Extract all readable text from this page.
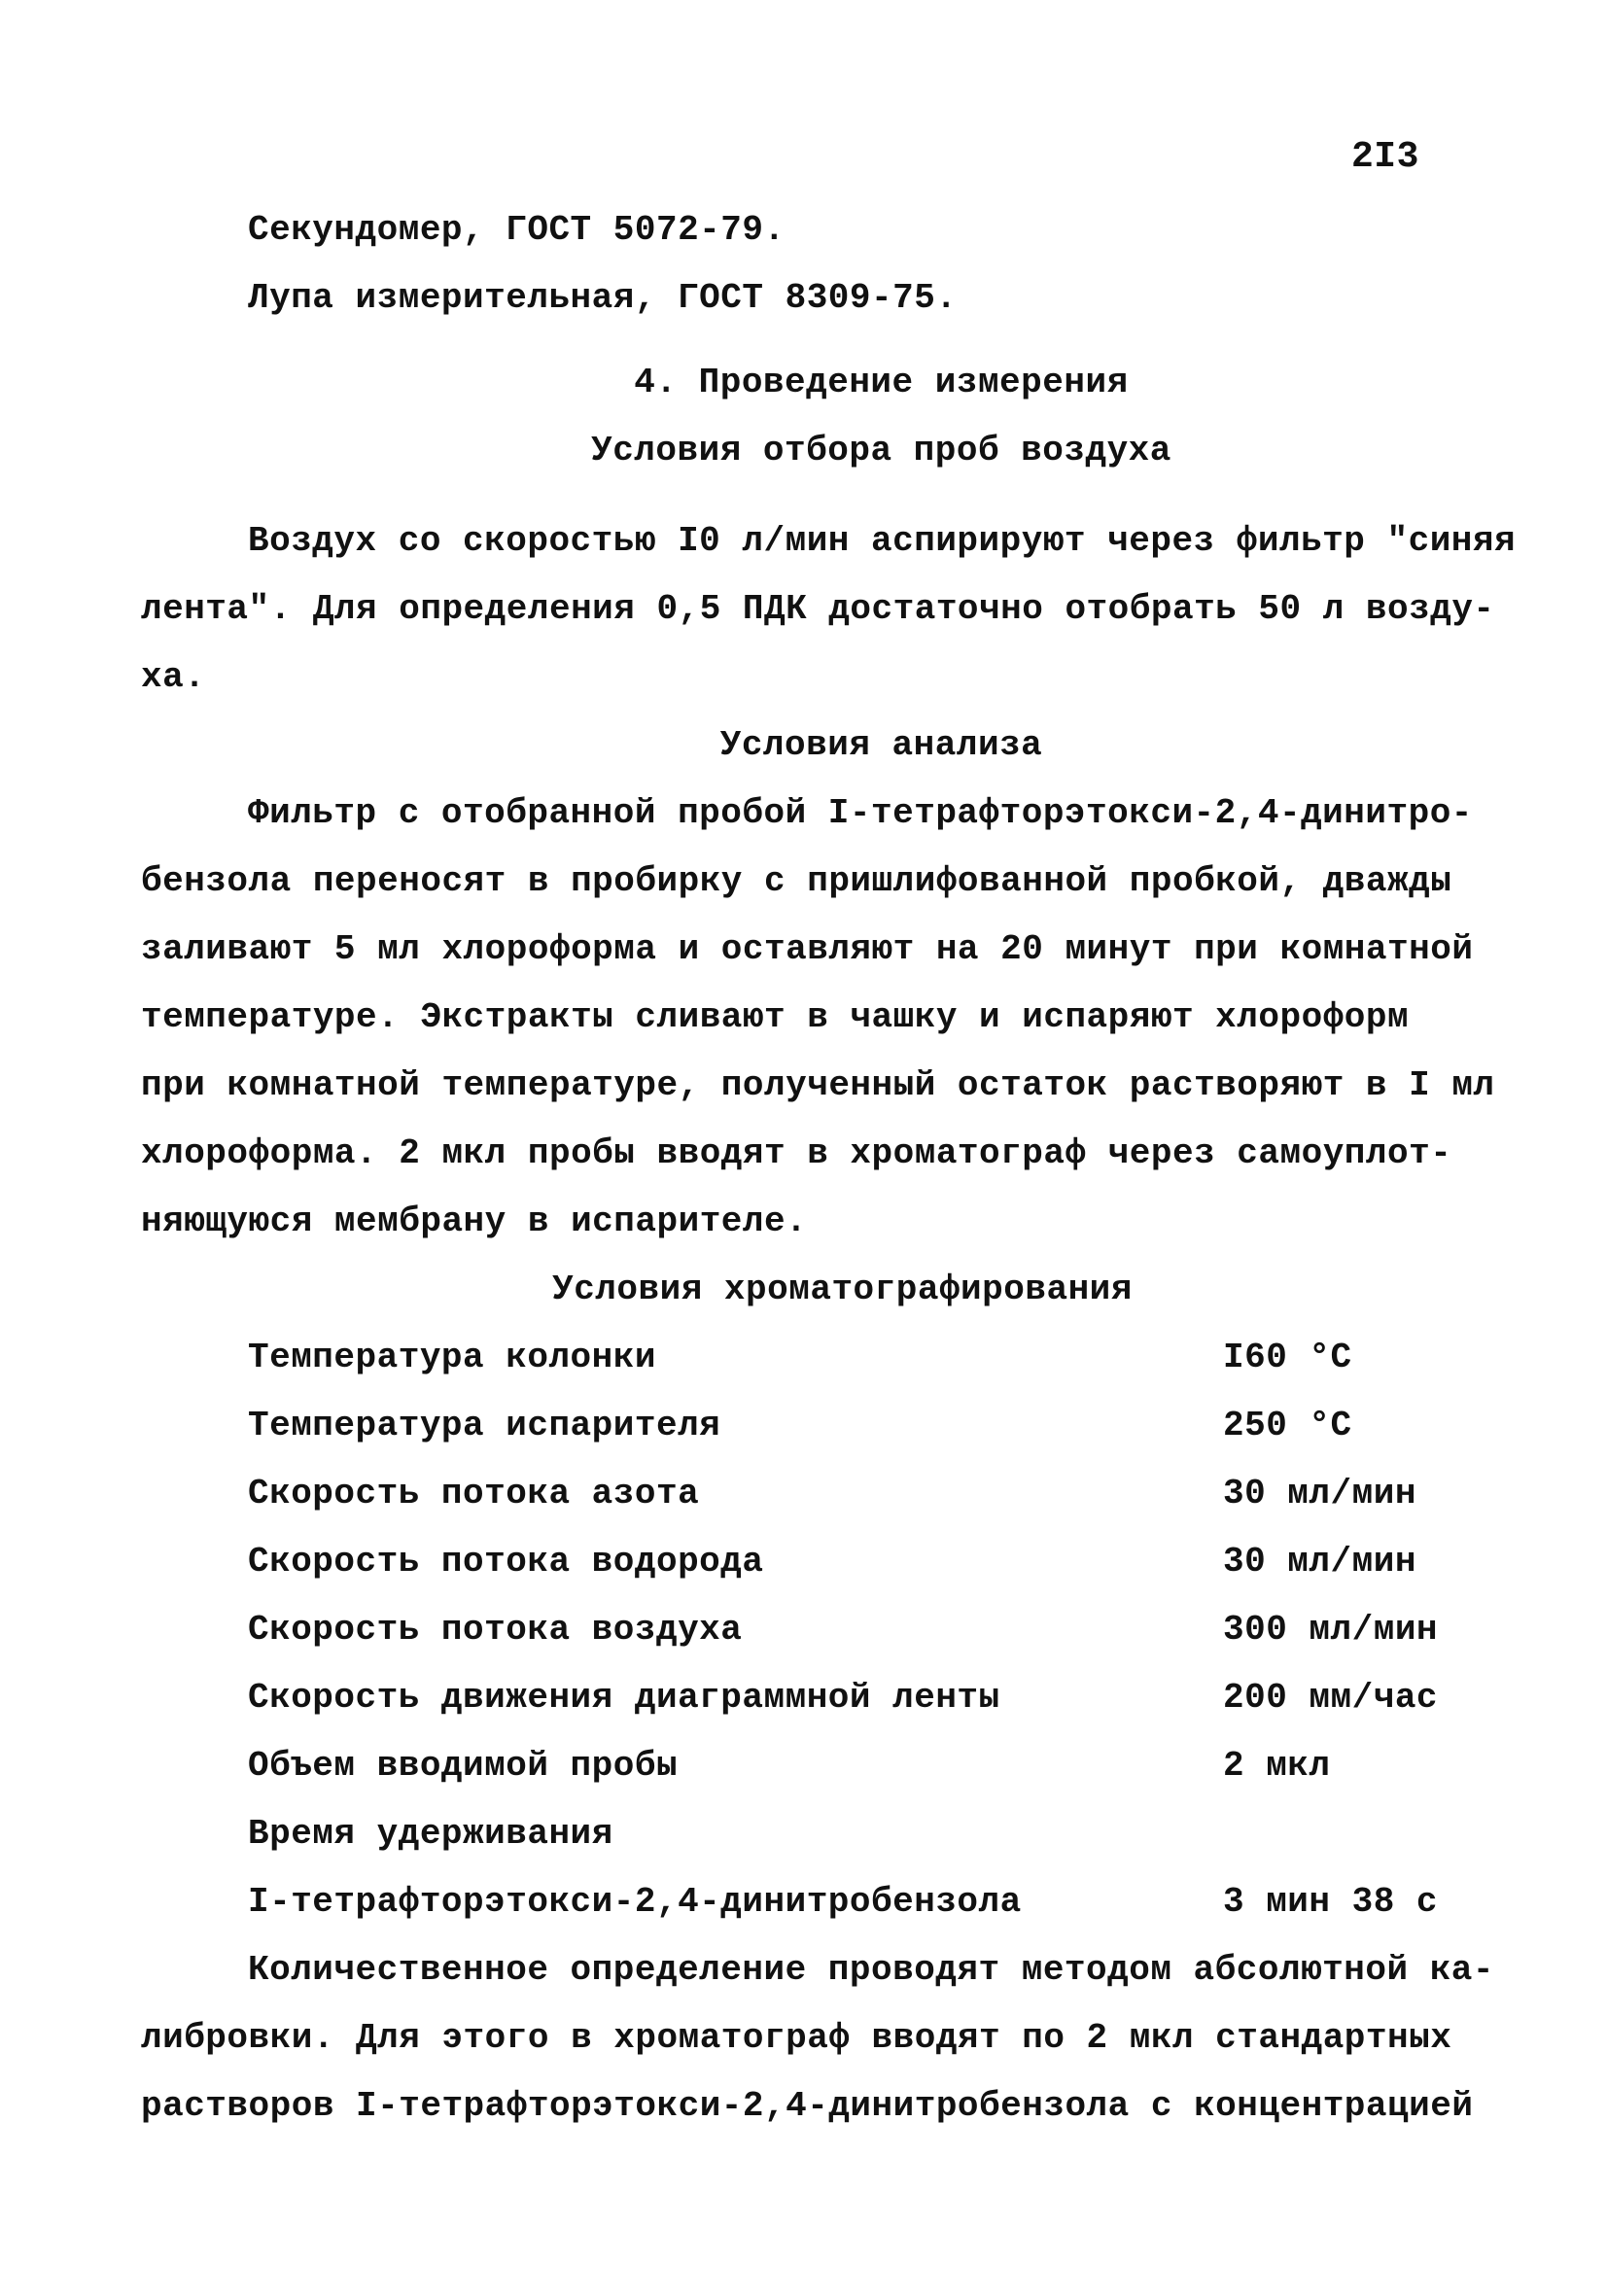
2I3
Секундомер, ГОСТ 5072-79.
Лупа измерительная, ГОСТ 8309-75.
4. Проведение измерения
Условия отбора проб воздуха
Воздух со скоростью I0 л/мин аспирируют через фильтр "синяя
лента". Для определения 0,5 ПДК достаточно отобрать 50 л возду-
ха.
Условия анализа
Фильтр с отобранной пробой I-тетрафторэтокси-2,4-динитро-
бензола переносят в пробирку с пришлифованной пробкой, дважды
заливают 5 мл хлороформа и оставляют на 20 минут при комнатной
температуре. Экстракты сливают в чашку и испаряют хлороформ
при комнатной температуре, полученный остаток растворяют в I мл
хлороформа. 2 мкл пробы вводят в хроматограф через самоуплот-
няющуюся мембрану в испарителе.
Условия хроматографирования
Температура колонки	I60 °C
Температура испарителя	250 °C
Скорость потока азота	30 мл/мин
Скорость потока водорода	30 мл/мин
Скорость потока воздуха	300 мл/мин
Скорость движения диаграммной ленты	200 мм/час
Объем вводимой пробы	2 мкл
Время удерживания
I-тетрафторэтокси-2,4-динитробензола	3 мин 38 с
Количественное определение проводят методом абсолютной ка-
либровки. Для этого в хроматограф вводят по 2 мкл стандартных
растворов I-тетрафторэтокси-2,4-динитробензола с концентрацией
